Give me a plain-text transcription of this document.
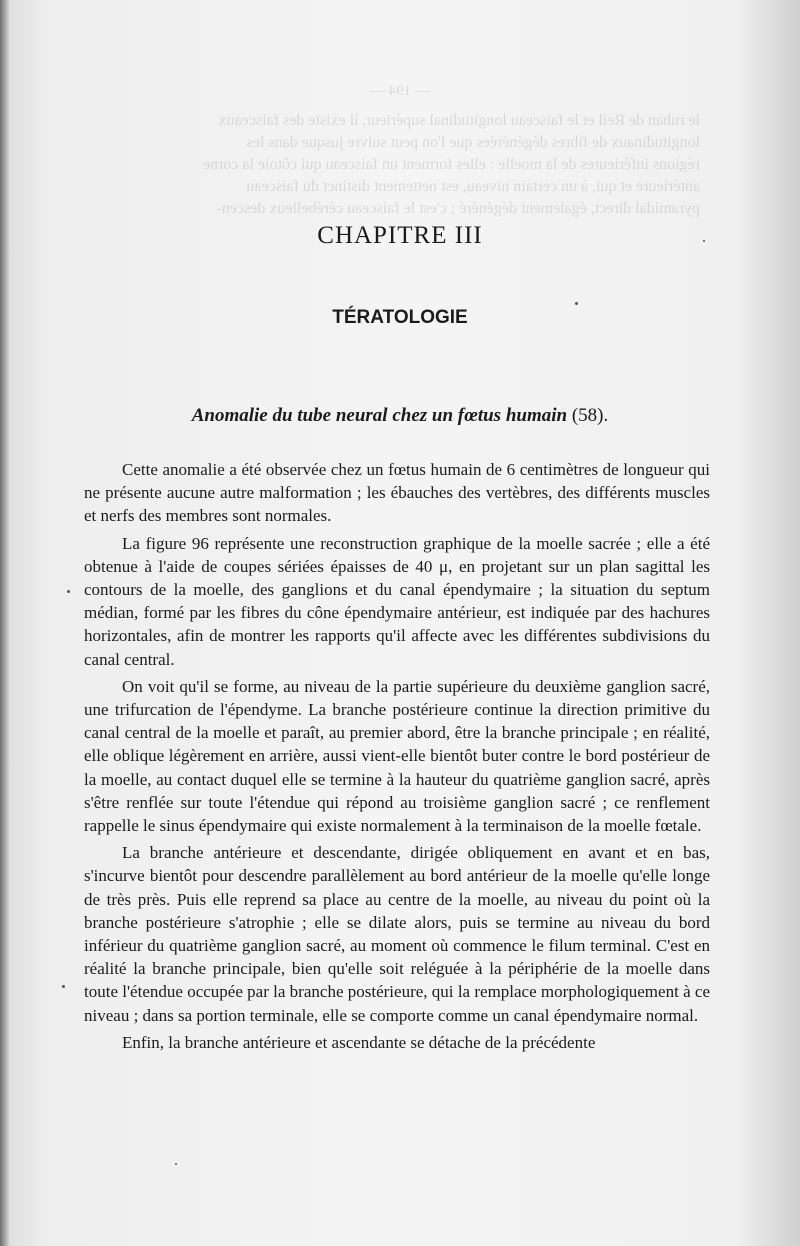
— 194 —

le ruban de Reil et le faisceau longitudinal supérieur, il existe des faisceaux

longitudinaux de fibres dégénérées que l'on peut suivre jusque dans les

régions inférieures de la moelle : elles forment un faisceau qui côtoie la corne

antérieure et qui, à un certain niveau, est nettement distinct du faisceau

pyramidal direct, également dégénéré ; c'est le faisceau cérébelleux descen-

CHAPITRE III
TÉRATOLOGIE
Anomalie du tube neural chez un fœtus humain (58).

Cette anomalie a été observée chez un fœtus humain de 6 centimètres de longueur qui ne présente aucune autre malformation ; les ébauches des vertèbres, des différents muscles et nerfs des membres sont normales.

La figure 96 représente une reconstruction graphique de la moelle sacrée ; elle a été obtenue à l'aide de coupes sériées épaisses de 40 μ, en projetant sur un plan sagittal les contours de la moelle, des ganglions et du canal épendymaire ; la situation du septum médian, formé par les fibres du cône épendymaire antérieur, est indiquée par des hachures horizontales, afin de montrer les rapports qu'il affecte avec les différentes subdivisions du canal central.

On voit qu'il se forme, au niveau de la partie supérieure du deuxième ganglion sacré, une trifurcation de l'épendyme. La branche postérieure continue la direction primitive du canal central de la moelle et paraît, au premier abord, être la branche principale ; en réalité, elle oblique légèrement en arrière, aussi vient-elle bientôt buter contre le bord postérieur de la moelle, au contact duquel elle se termine à la hauteur du quatrième ganglion sacré, après s'être renflée sur toute l'étendue qui répond au troisième ganglion sacré ; ce renflement rappelle le sinus épendymaire qui existe normalement à la terminaison de la moelle fœtale.

La branche antérieure et descendante, dirigée obliquement en avant et en bas, s'incurve bientôt pour descendre parallèlement au bord antérieur de la moelle qu'elle longe de très près. Puis elle reprend sa place au centre de la moelle, au niveau du point où la branche postérieure s'atrophie ; elle se dilate alors, puis se termine au niveau du bord inférieur du quatrième ganglion sacré, au moment où commence le filum terminal. C'est en réalité la branche principale, bien qu'elle soit reléguée à la périphérie de la moelle dans toute l'étendue occupée par la branche postérieure, qui la remplace morphologiquement à ce niveau ; dans sa portion terminale, elle se comporte comme un canal épendymaire normal.

Enfin, la branche antérieure et ascendante se détache de la précédente
